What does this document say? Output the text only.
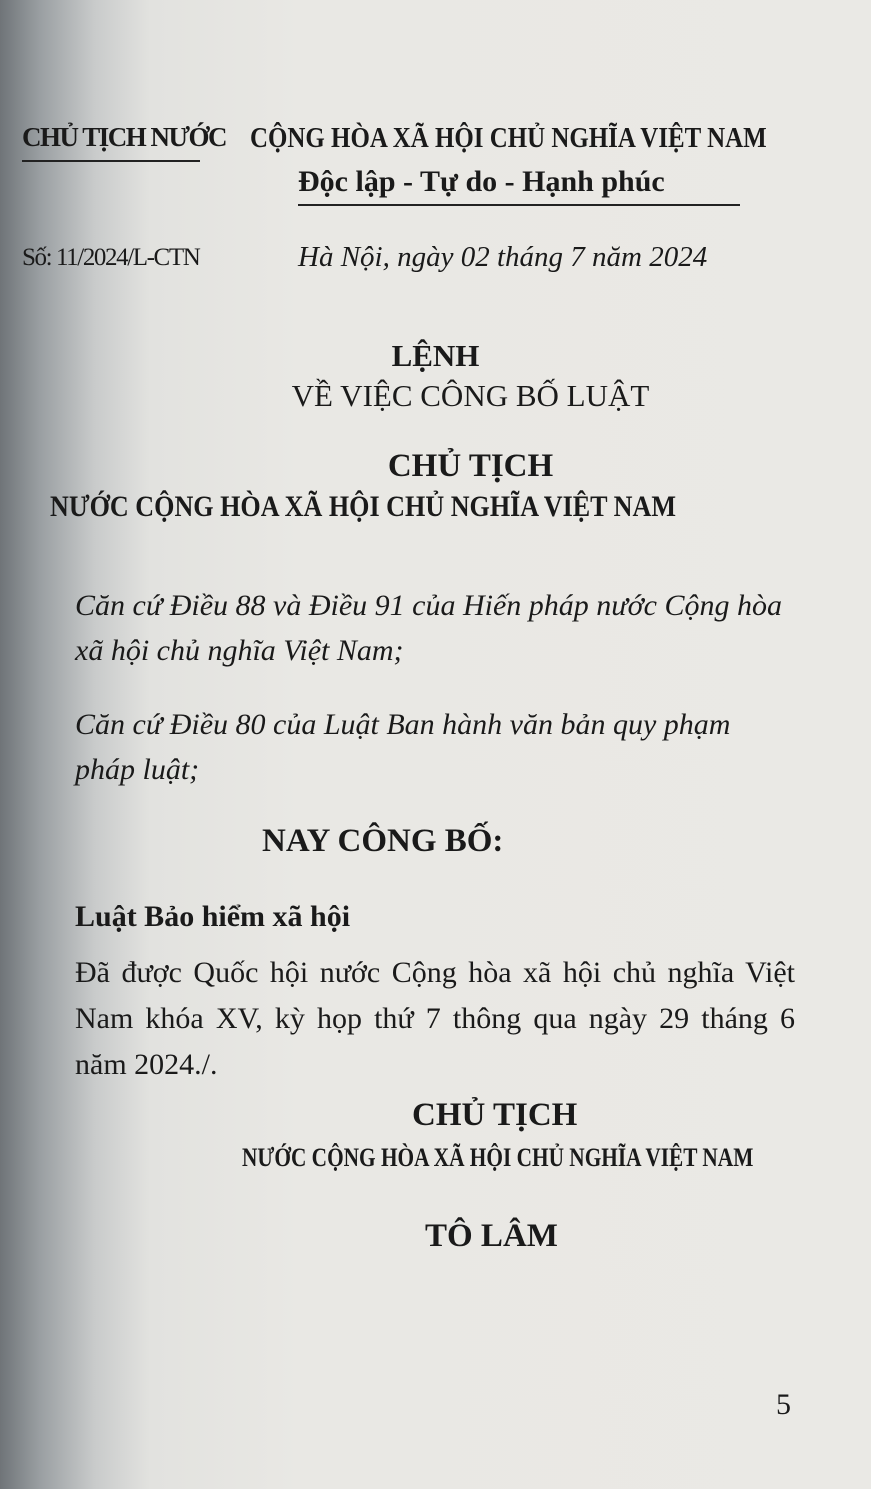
CHỦ TỊCH NƯỚC CỘNG HÒA XÃ HỘI CHỦ NGHĨA VIỆT NAM
Độc lập - Tự do - Hạnh phúc
Số: 11/2024/L-CTN	Hà Nội, ngày 02 tháng 7 năm 2024
LỆNH
VỀ VIỆC CÔNG BỐ LUẬT
CHỦ TỊCH
NƯỚC CỘNG HÒA XÃ HỘI CHỦ NGHĨA VIỆT NAM
Căn cứ Điều 88 và Điều 91 của Hiến pháp nước Cộng hòa xã hội chủ nghĩa Việt Nam;
Căn cứ Điều 80 của Luật Ban hành văn bản quy phạm pháp luật;
NAY CÔNG BỐ:
Luật Bảo hiểm xã hội
Đã được Quốc hội nước Cộng hòa xã hội chủ nghĩa Việt Nam khóa XV, kỳ họp thứ 7 thông qua ngày 29 tháng 6 năm 2024./.
CHỦ TỊCH
NƯỚC CỘNG HÒA XÃ HỘI CHỦ NGHĨA VIỆT NAM
TÔ LÂM
5
